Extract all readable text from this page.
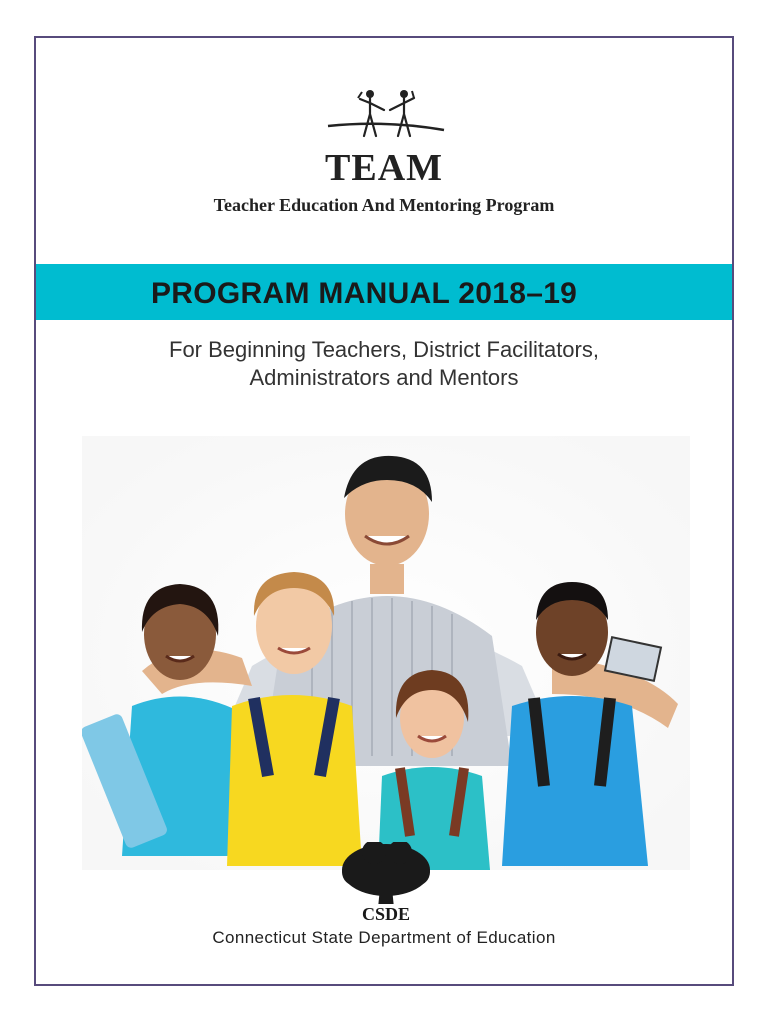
TEAM
Teacher Education And Mentoring Program
PROGRAM MANUAL 2018–19
For Beginning Teachers, District Facilitators,
Administrators and Mentors
CSDE
Connecticut State Department of Education
